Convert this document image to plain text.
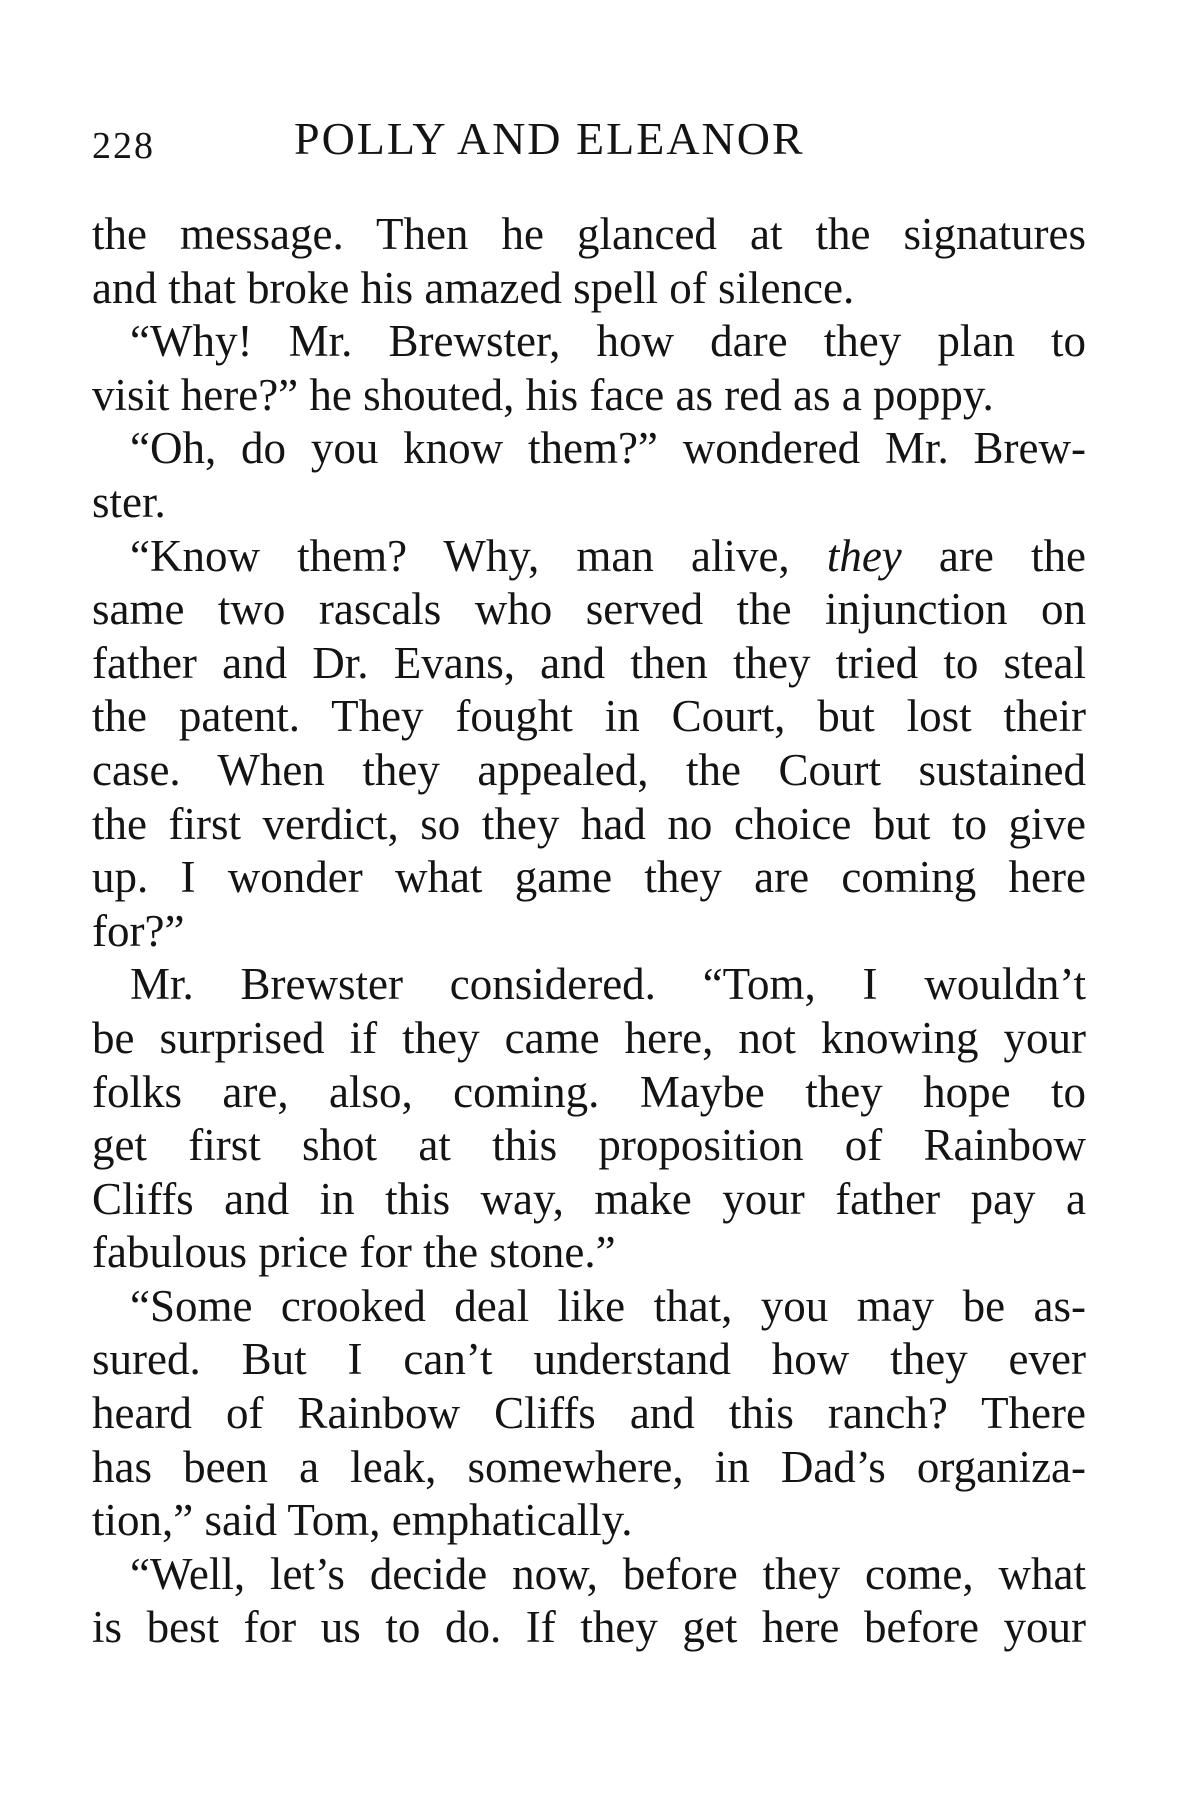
228	POLLY AND ELEANOR
the message. Then he glanced at the signatures
and that broke his amazed spell of silence.
“Why! Mr. Brewster, how dare they plan to
visit here?” he shouted, his face as red as a poppy.
“Oh, do you know them?” wondered Mr. Brew-
ster.
“Know them? Why, man alive, they are the
same two rascals who served the injunction on
father and Dr. Evans, and then they tried to steal
the patent. They fought in Court, but lost their
case. When they appealed, the Court sustained
the first verdict, so they had no choice but to give
up. I wonder what game they are coming here
for?”
Mr. Brewster considered. “Tom, I wouldn’t
be surprised if they came here, not knowing your
folks are, also, coming. Maybe they hope to
get first shot at this proposition of Rainbow
Cliffs and in this way, make your father pay a
fabulous price for the stone.”
“Some crooked deal like that, you may be as-
sured. But I can’t understand how they ever
heard of Rainbow Cliffs and this ranch? There
has been a leak, somewhere, in Dad’s organiza-
tion,” said Tom, emphatically.
“Well, let’s decide now, before they come, what
is best for us to do. If they get here before your
